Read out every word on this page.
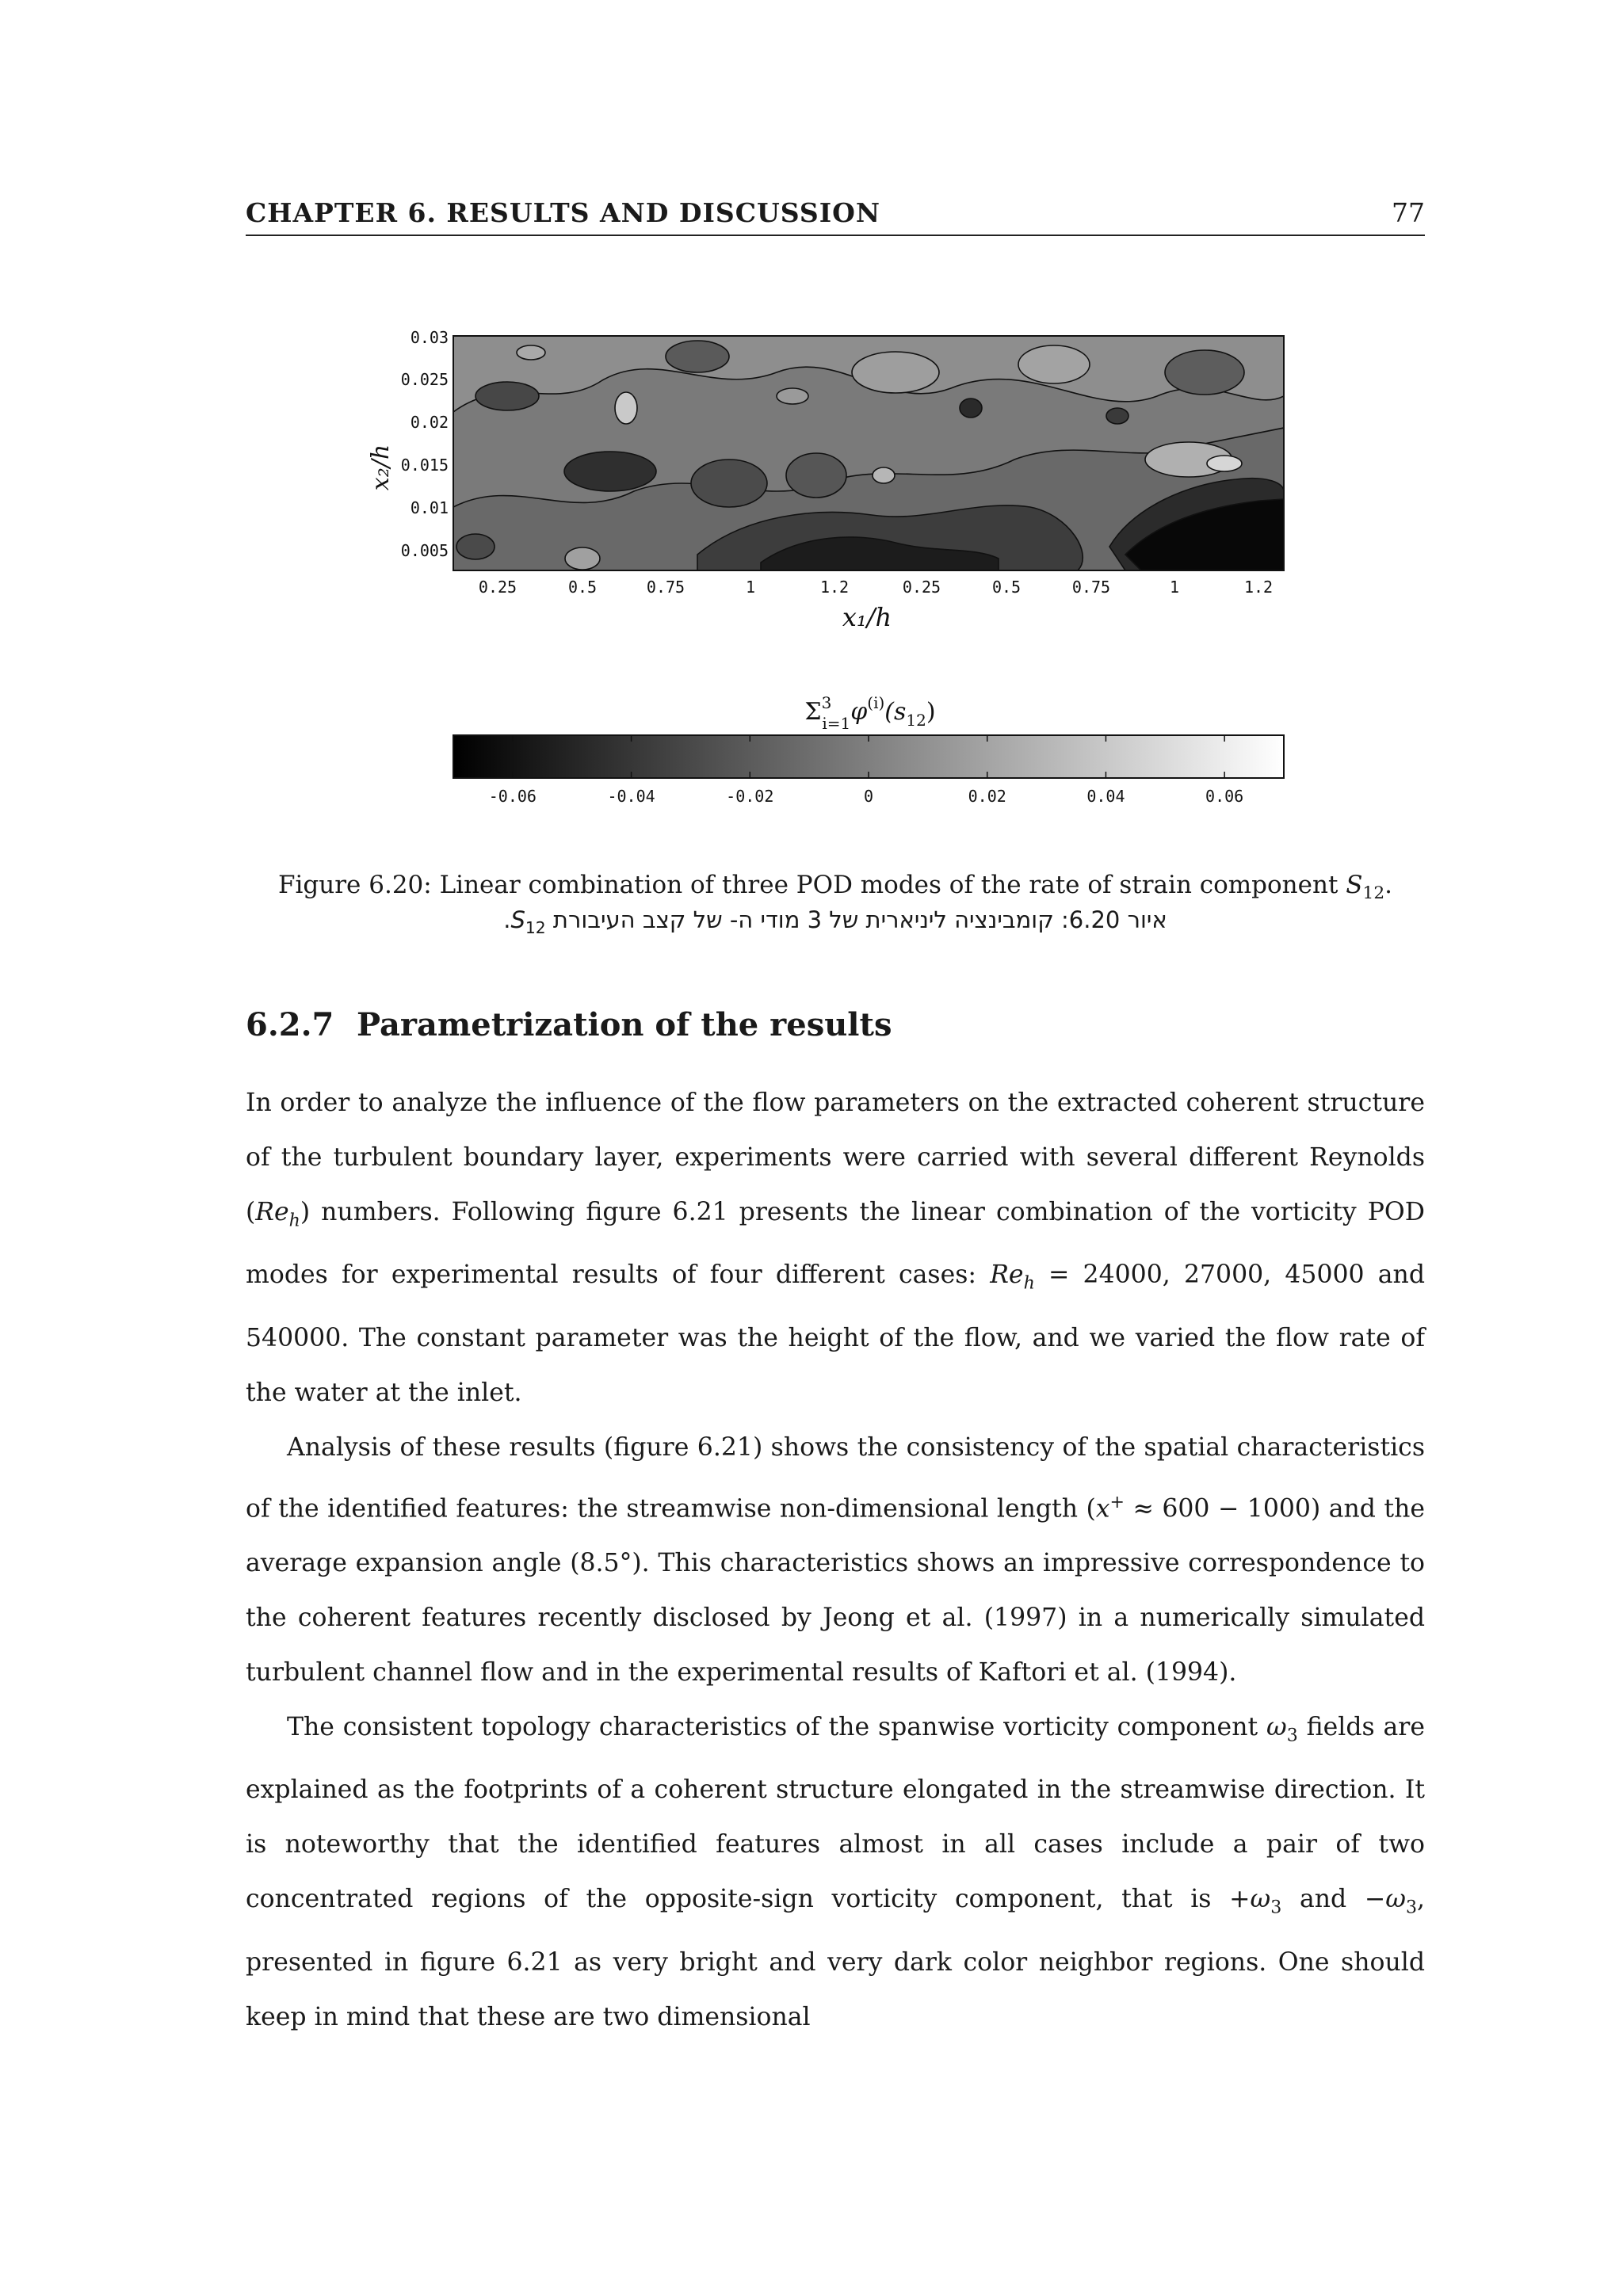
CHAPTER 6. RESULTS AND DISCUSSION	77
0.03
0.025
0.02
0.015
0.01
0.005
x₂/h
0.25	0.5	0.75	1	1.2	0.25	0.5	0.75	1	1.2
x₁/h
$\Sigma^3$ $i=1\varphi^{(i)}(s_{12})$
-0.06	-0.04	-0.02	0	0.02	0.04	0.06
Figure 6.20: Linear combination of three POD modes of the rate of strain component $S_{12}$.
איור 6.20: קומבינציה ליניארית של 3 מודי ה- של קצב העיבורת $S_{12}$.
6.2.7 Parametrization of the results

In order to analyze the influence of the flow parameters on the extracted coherent structure of the turbulent boundary layer, experiments were carried with several different Reynolds $(Re_h)$ numbers. Following figure 6.21 presents the linear combination of the vorticity POD modes for experimental results of four different cases: $Re_h = 24000$, 27000, 45000 and 540000. The constant parameter was the height of the flow, and we varied the flow rate of the water at the inlet.

Analysis of these results (figure 6.21) shows the consistency of the spatial characteristics of the identified features: the streamwise non-dimensional length (x+ ≈ 600 − 1000) and the average expansion angle (8.5°). This characteristics shows an impressive correspondence to the coherent features recently disclosed by Jeong et al. (1997) in a numerically simulated turbulent channel flow and in the experimental results of Kaftori et al. (1994).

The consistent topology characteristics of the spanwise vorticity component $\omega_3$ fields are explained as the footprints of a coherent structure elongated in the streamwise direction. It is noteworthy that the identified features almost in all cases include a pair of two concentrated regions of the opposite-sign vorticity component, that is $+\omega_3$ and $-\omega_3$, presented in figure 6.21 as very bright and very dark color neighbor regions. One should keep in mind that these are two dimensional
